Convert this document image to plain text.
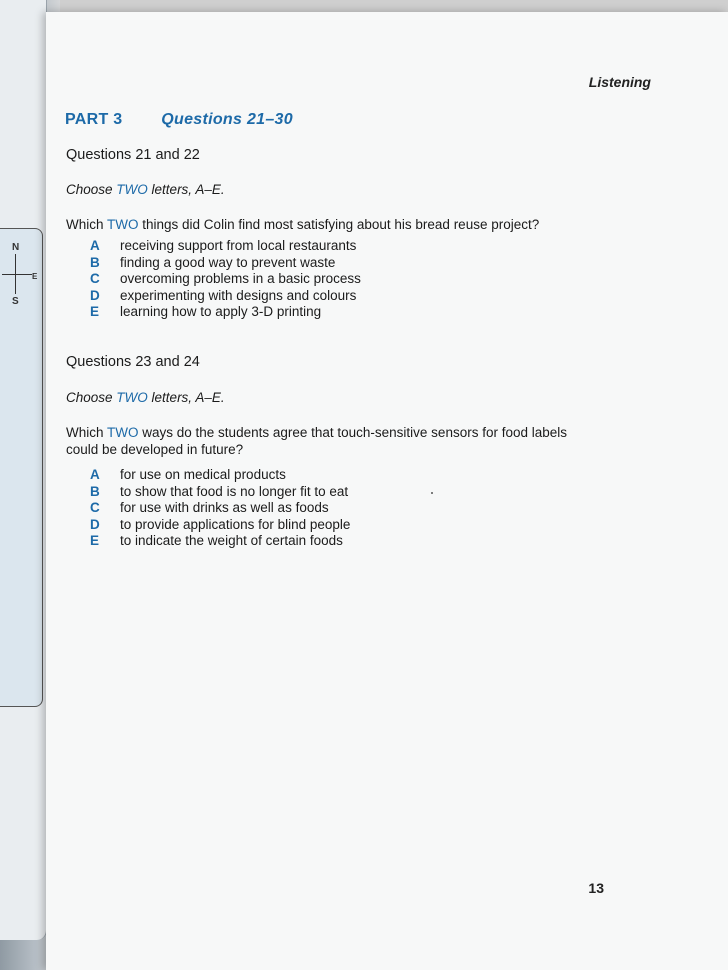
N
E
S

Listening

PART 3 Questions 21–30

Questions 21 and 22

Choose TWO letters, A–E.

Which TWO things did Colin find most satisfying about his bread reuse project?

A receiving support from local restaurants
B finding a good way to prevent waste
C overcoming problems in a basic process
D experimenting with designs and colours
E learning how to apply 3-D printing

Questions 23 and 24

Choose TWO letters, A–E.

Which TWO ways do the students agree that touch-sensitive sensors for food labels could be developed in future?

A for use on medical products
B to show that food is no longer fit to eat
C for use with drinks as well as foods
D to provide applications for blind people
E to indicate the weight of certain foods

13
